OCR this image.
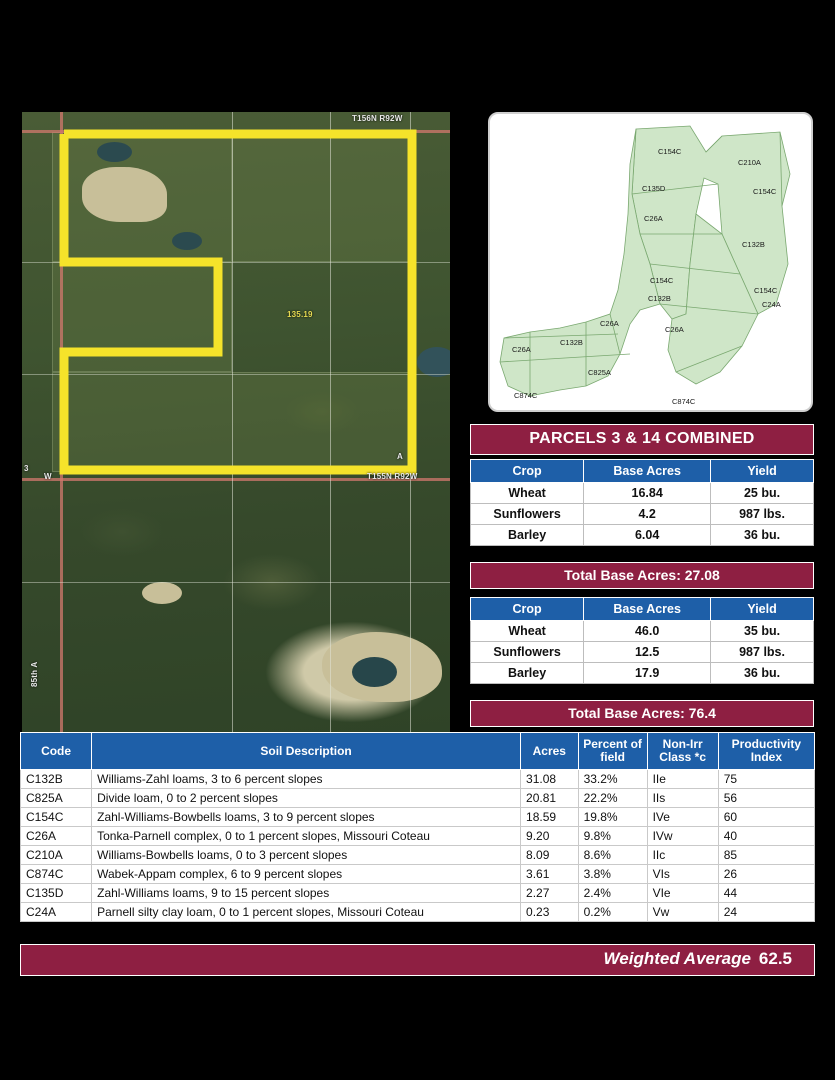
T156N R92W
135.19
T155N R92W
A
3
W
85th A
C154C
C210A
C135D	C154C
C26A
C132B
C154C
C154C
C132B
C24A
C26A
C26A
C132B
C26A
C825A
C874C
C874C
PARCELS 3 & 14 COMBINED
Crop	Base Acres	Yield
Wheat	16.84	25 bu.
Sunflowers	4.2	987 lbs.
Barley	6.04	36 bu.
Total Base Acres: 27.08
Crop	Base Acres	Yield
Wheat	46.0	35 bu.
Sunflowers	12.5	987 lbs.
Barley	17.9	36 bu.
Total Base Acres: 76.4
Code	Soil Description	Acres	Percent of field	Non-Irr Class *c	Productivity Index
C132B	Williams-Zahl loams, 3 to 6 percent slopes	31.08	33.2%	IIe	75
C825A	Divide loam, 0 to 2 percent slopes	20.81	22.2%	IIs	56
C154C	Zahl-Williams-Bowbells loams, 3 to 9 percent slopes	18.59	19.8%	IVe	60
C26A	Tonka-Parnell complex, 0 to 1 percent slopes, Missouri Coteau	9.20	9.8%	IVw	40
C210A	Williams-Bowbells loams, 0 to 3 percent slopes	8.09	8.6%	IIc	85
C874C	Wabek-Appam complex, 6 to 9 percent slopes	3.61	3.8%	VIs	26
C135D	Zahl-Williams loams, 9 to 15 percent slopes	2.27	2.4%	VIe	44
C24A	Parnell silty clay loam, 0 to 1 percent slopes, Missouri Coteau	0.23	0.2%	Vw	24
Weighted Average 62.5
